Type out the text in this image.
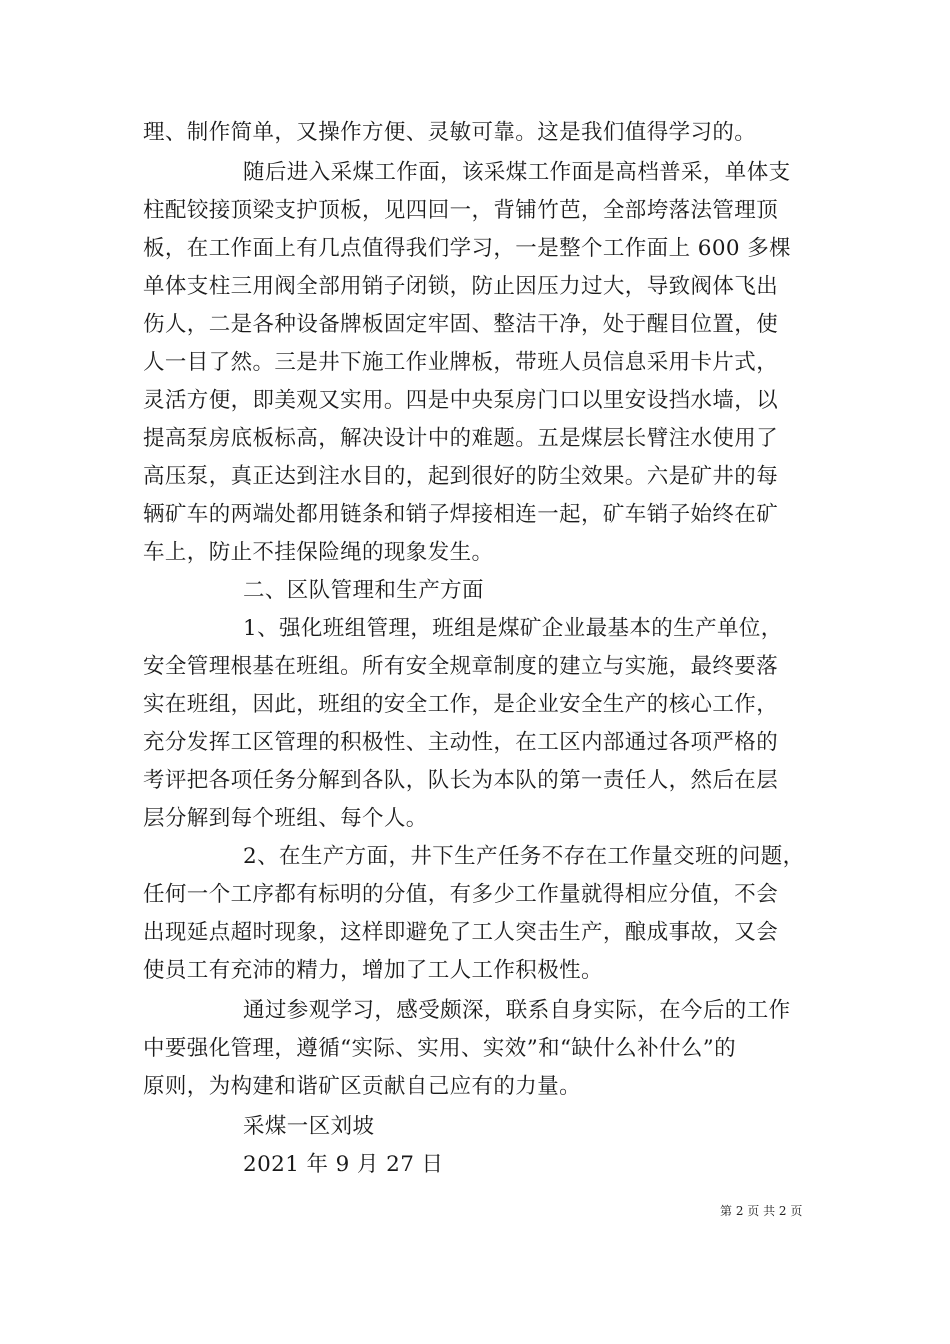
理、制作简单，又操作方便、灵敏可靠。这是我们值得学习的。
随后进入采煤工作面，该采煤工作面是高档普采，单体支
柱配铰接顶梁支护顶板，见四回一，背铺竹芭，全部垮落法管理顶
板，在工作面上有几点值得我们学习，一是整个工作面上 600 多棵
单体支柱三用阀全部用销子闭锁，防止因压力过大，导致阀体飞出
伤人，二是各种设备牌板固定牢固、整洁干净，处于醒目位置，使
人一目了然。三是井下施工作业牌板，带班人员信息采用卡片式，
灵活方便，即美观又实用。四是中央泵房门口以里安设挡水墙，以
提高泵房底板标高，解决设计中的难题。五是煤层长臂注水使用了
高压泵，真正达到注水目的，起到很好的防尘效果。六是矿井的每
辆矿车的两端处都用链条和销子焊接相连一起，矿车销子始终在矿
车上，防止不挂保险绳的现象发生。
二、区队管理和生产方面
1、强化班组管理，班组是煤矿企业最基本的生产单位，
安全管理根基在班组。所有安全规章制度的建立与实施，最终要落
实在班组，因此，班组的安全工作，是企业安全生产的核心工作，
充分发挥工区管理的积极性、主动性，在工区内部通过各项严格的
考评把各项任务分解到各队，队长为本队的第一责任人，然后在层
层分解到每个班组、每个人。
2、在生产方面，井下生产任务不存在工作量交班的问题，
任何一个工序都有标明的分值，有多少工作量就得相应分值，不会
出现延点超时现象，这样即避免了工人突击生产，酿成事故，又会
使员工有充沛的精力，增加了工人工作积极性。
通过参观学习，感受颇深，联系自身实际，在今后的工作
中要强化管理，遵循“实际、实用、实效”和“缺什么补什么”的
原则，为构建和谐矿区贡献自己应有的力量。
采煤一区刘坡
2021 年 9 月 27 日
第 2 页 共 2 页
